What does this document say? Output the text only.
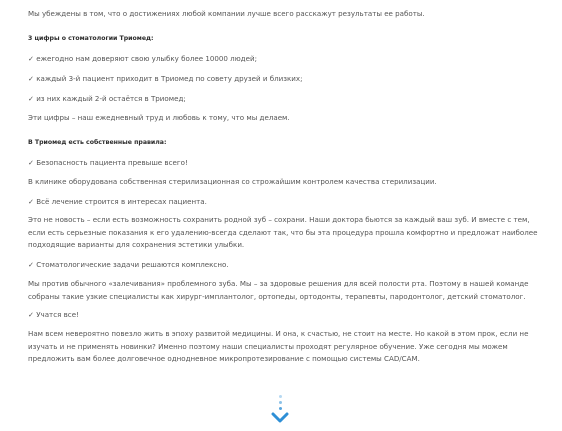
Мы убеждены в том, что о достижениях любой компании лучше всего расскажут результаты ее работы.

3 цифры о стоматологии Триомед:

✓ ежегодно нам доверяют свою улыбку более 10000 людей;

✓ каждый 3-й пациент приходит в Триомед по совету друзей и близких;

✓ из них каждый 2-й остаётся в Триомед;

Эти цифры – наш ежедневный труд и любовь к тому, что мы делаем.

В Триомед есть собственные правила:

✓ Безопасность пациента превыше всего!

В клинике оборудована собственная стерилизационная со строжайшим контролем качества стерилизации.

✓ Всё лечение строится в интересах пациента.

Это не новость – если есть возможность сохранить родной зуб – сохрани. Наши доктора бьются за каждый ваш зуб. И вместе с тем, если есть серьезные показания к его удалению-всегда сделают так, что бы эта процедура прошла комфортно и предложат наиболее подходящие варианты для сохранения эстетики улыбки.

✓ Стоматологические задачи решаются комплексно.

Мы против обычного «залечивания» проблемного зуба. Мы – за здоровые решения для всей полости рта. Поэтому в нашей команде собраны такие узкие специалисты как хирург-имплантолог, ортопеды, ортодонты, терапевты, пародонтолог, детский стоматолог.

✓ Учатся все!

Нам всем невероятно повезло жить в эпоху развитой медицины. И она, к счастью, не стоит на месте. Но какой в этом прок, если не изучать и не применять новинки? Именно поэтому наши специалисты проходят регулярное обучение. Уже сегодня мы можем предложить вам более долговечное однодневное микропротезирование с помощью системы CAD/CAM.
